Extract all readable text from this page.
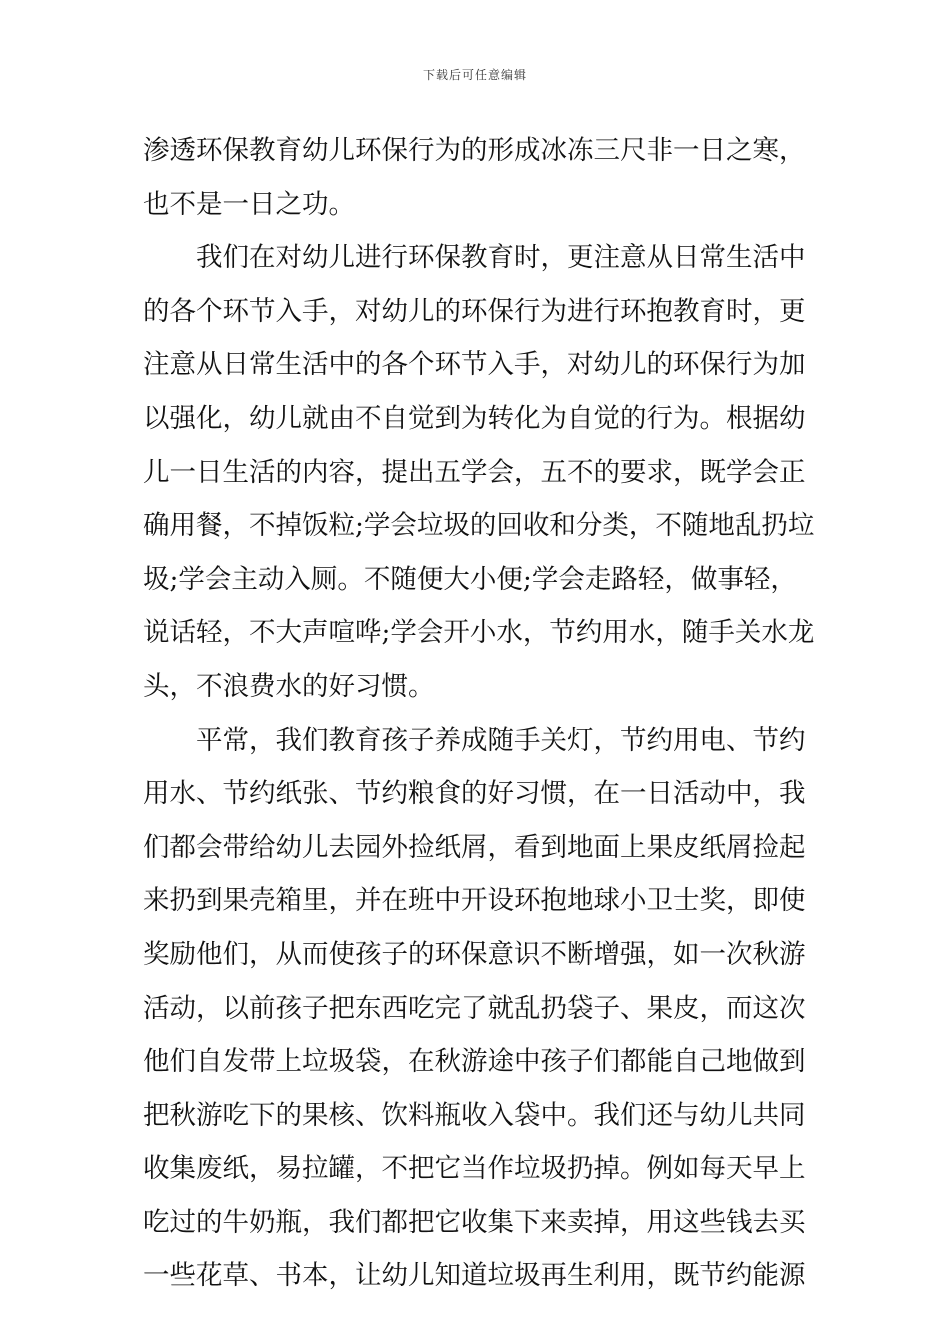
下载后可任意编辑
渗透环保教育幼儿环保行为的形成冰冻三尺非一日之寒，
也不是一日之功。
我们在对幼儿进行环保教育时，更注意从日常生活中
的各个环节入手，对幼儿的环保行为进行环抱教育时，更
注意从日常生活中的各个环节入手，对幼儿的环保行为加
以强化，幼儿就由不自觉到为转化为自觉的行为。根据幼
儿一日生活的内容，提出五学会，五不的要求，既学会正
确用餐，不掉饭粒;学会垃圾的回收和分类，不随地乱扔垃
圾;学会主动入厕。不随便大小便;学会走路轻，做事轻，
说话轻，不大声喧哗;学会开小水，节约用水，随手关水龙
头，不浪费水的好习惯。
平常，我们教育孩子养成随手关灯，节约用电、节约
用水、节约纸张、节约粮食的好习惯，在一日活动中，我
们都会带给幼儿去园外捡纸屑，看到地面上果皮纸屑捡起
来扔到果壳箱里，并在班中开设环抱地球小卫士奖，即使
奖励他们，从而使孩子的环保意识不断增强，如一次秋游
活动，以前孩子把东西吃完了就乱扔袋子、果皮，而这次
他们自发带上垃圾袋，在秋游途中孩子们都能自己地做到
把秋游吃下的果核、饮料瓶收入袋中。我们还与幼儿共同
收集废纸，易拉罐，不把它当作垃圾扔掉。例如每天早上
吃过的牛奶瓶，我们都把它收集下来卖掉，用这些钱去买
一些花草、书本，让幼儿知道垃圾再生利用，既节约能源
